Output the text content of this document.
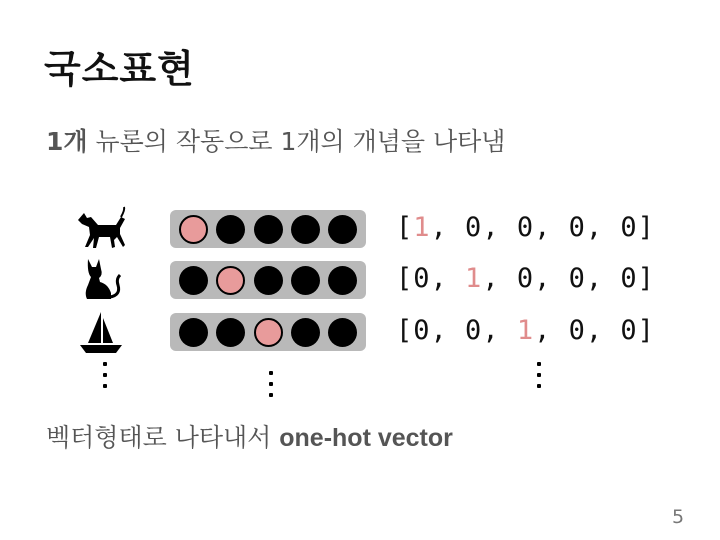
국소표현
1개 뉴론의 작동으로 1개의 개념을 나타냄
[1, 0, 0, 0, 0]
[0, 1, 0, 0, 0]
[0, 0, 1, 0, 0]
벡터형태로 나타내서 one-hot vector
5
